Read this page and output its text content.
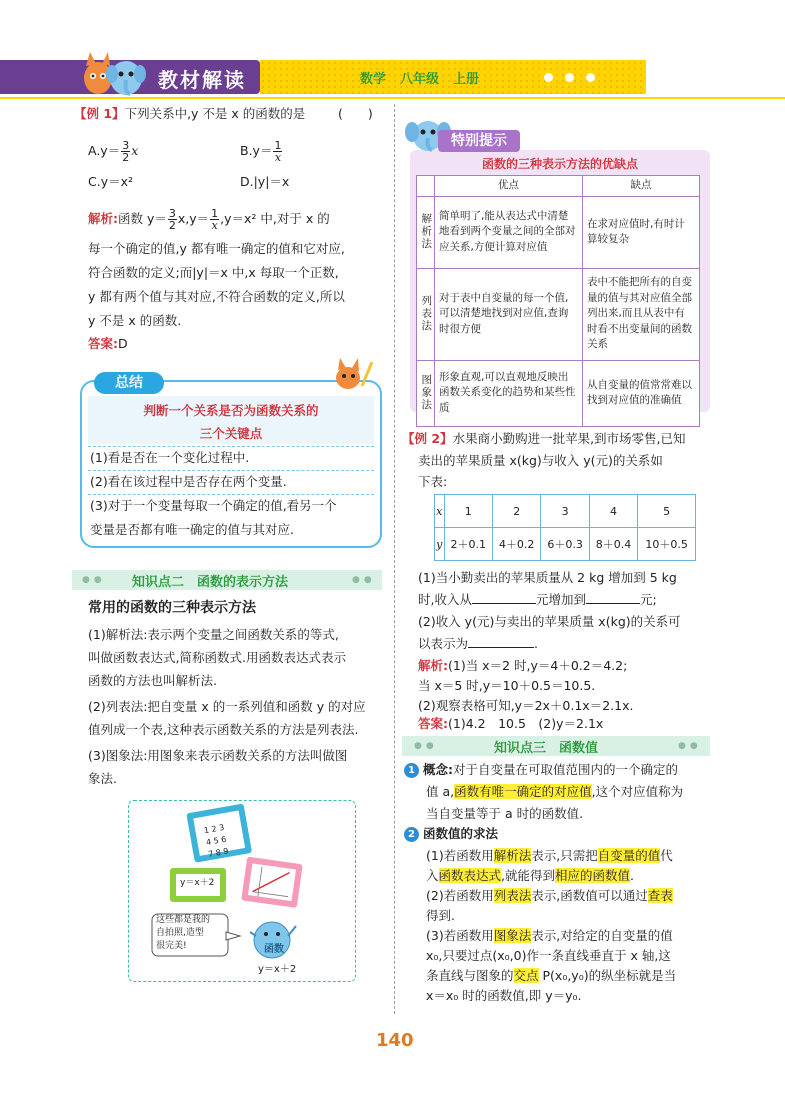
教材解读	数学 八年级 上册
【例 1】下列关系中,y 不是 x 的函数的是	(　　)
$A.y= \frac{3}{2}$ x	$B.y= \frac{1}{x}$
C.y＝x²	D.|y|＝x
解析:函数 $y= \frac{3}{2} x,y= \frac{1}{x} ,y=x^2$ 中,对于 x 的
每一个确定的值,y 都有唯一确定的值和它对应,
符合函数的定义;而|y|＝x 中,x 每取一个正数,
y 都有两个值与其对应,不符合函数的定义,所以
y 不是 x 的函数.
答案:D
总结
判断一个关系是否为函数关系的
三个关键点
(1)看是否在一个变化过程中.
(2)看在该过程中是否存在两个变量.
(3)对于一个变量每取一个确定的值,看另一个
变量是否都有唯一确定的值与其对应.
●● 知识点二　函数的表示方法	●●
常用的函数的三种表示方法
(1)解析法:表示两个变量之间函数关系的等式,
叫做函数表达式,简称函数式.用函数表达式表示
函数的方法也叫解析法.
(2)列表法:把自变量 x 的一系列值和函数 y 的对应
值列成一个表,这种表示函数关系的方法是列表法.
(3)图象法:用图象来表示函数关系的方法叫做图
象法.
1 2 3
4 5 6
7 8 9
y＝x＋2
这些都是我的
自拍照,造型
很完美!	函数
y＝x＋2
特别提示
函数的三种表示方法的优缺点
	优点	缺点
解析法	简单明了,能从表达式中清楚地看到两个变量之间的全部对应关系,方便计算对应值	在求对应值时,有时计算较复杂
列表法	对于表中自变量的每一个值,可以清楚地找到对应值,查询时很方便	表中不能把所有的自变量的值与其对应值全部列出来,而且从表中有时看不出变量间的函数关系
图象法	形象直观,可以直观地反映出函数关系变化的趋势和某些性质	从自变量的值常常难以找到对应值的准确值
【例 2】水果商小勤购进一批苹果,到市场零售,已知
卖出的苹果质量 x(kg)与收入 y(元)的关系如
下表:
x	1	2	3	4	5
y	2＋0.1	4＋0.2	6＋0.3	8＋0.4	10＋0.5
(1)当小勤卖出的苹果质量从 2 kg 增加到 5 kg
时,收入从	元增加到	元;
(2)收入 y(元)与卖出的苹果质量 x(kg)的关系可
以表示为	.
解析:(1)当 x＝2 时,y＝4＋0.2＝4.2;
当 x＝5 时,y＝10＋0.5＝10.5.
(2)观察表格可知,y＝2x＋0.1x＝2.1x.
答案:(1)4.2　10.5　(2)y＝2.1x
●●	知识点三　函数值	●●
1 概念:对于自变量在可取值范围内的一个确定的
值 a,函数有唯一确定的对应值,这个对应值称为
当自变量等于 a 时的函数值.
2 函数值的求法
(1)若函数用解析法表示,只需把自变量的值代
入函数表达式,就能得到相应的函数值.
(2)若函数用列表法表示,函数值可以通过查表
得到.
(3)若函数用图象法表示,对给定的自变量的值
x₀,只要过点(x₀,0)作一条直线垂直于 x 轴,这
条直线与图象的交点 P(x₀,y₀)的纵坐标就是当
x＝x₀ 时的函数值,即 y＝y₀.
140
